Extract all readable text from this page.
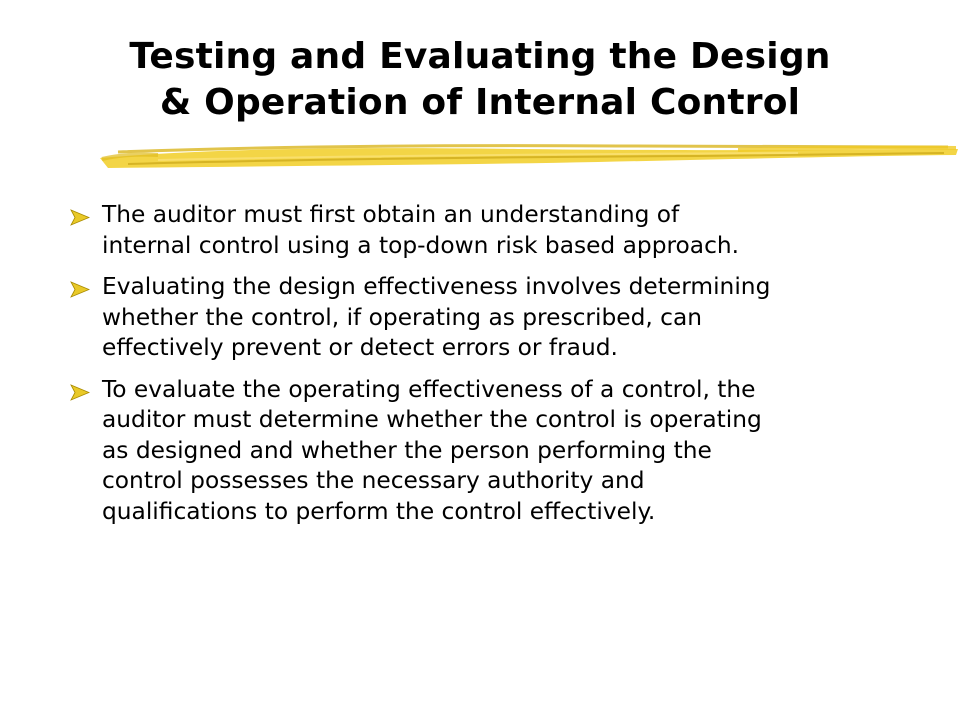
Testing and Evaluating the Design
& Operation of Internal Control
The auditor must first obtain an understanding of
internal control using a top-down risk based approach.
Evaluating the design effectiveness involves determining
whether the control, if operating as prescribed, can
effectively prevent or detect errors or fraud.
To evaluate the operating effectiveness of a control, the
auditor must determine whether the control is operating
as designed and whether the person performing the
control possesses the necessary authority and
qualifications to perform the control effectively.
